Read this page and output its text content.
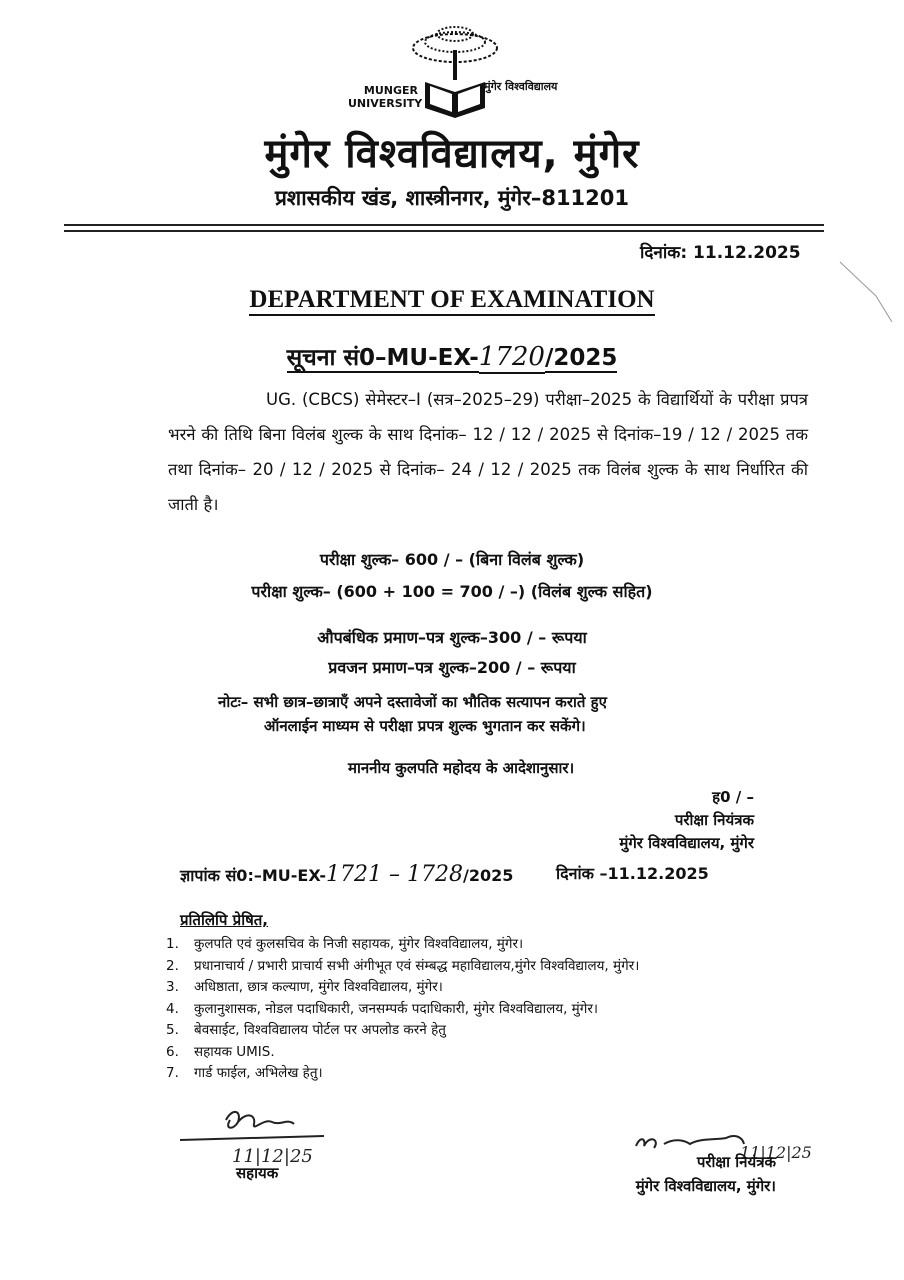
MUNGER UNIVERSITY
मुंगेर विश्वविद्यालय
मुंगेर विश्वविद्यालय, मुंगेर
प्रशासकीय खंड, शास्त्रीनगर, मुंगेर–811201
दिनांक: 11.12.2025
DEPARTMENT OF EXAMINATION
सूचना सं0–MU-EX-1720/2025
UG. (CBCS) सेमेस्टर–I (सत्र–2025–29) परीक्षा–2025 के विद्यार्थियों के परीक्षा प्रपत्र भरने की तिथि बिना विलंब शुल्क के साथ दिनांक– 12 / 12 / 2025 से दिनांक–19 / 12 / 2025 तक तथा दिनांक– 20 / 12 / 2025 से दिनांक– 24 / 12 / 2025 तक विलंब शुल्क के साथ निर्धारित की जाती है।
परीक्षा शुल्क– 600 / – (बिना विलंब शुल्क)
परीक्षा शुल्क– (600 + 100 = 700 / –) (विलंब शुल्क सहित)
औपबंधिक प्रमाण–पत्र शुल्क–300 / – रूपया
प्रवजन प्रमाण–पत्र शुल्क–200 / – रूपया
नोटः– सभी छात्र–छात्राएँ अपने दस्तावेजों का भौतिक सत्यापन कराते हुए
ऑनलाईन माध्यम से परीक्षा प्रपत्र शुल्क भुगतान कर सकेंगे।
माननीय कुलपति महोदय के आदेशानुसार।
ह0 / –
परीक्षा नियंत्रक
मुंगेर विश्वविद्यालय, मुंगेर
ज्ञापांक सं0:–MU-EX-1721 – 1728/2025	दिनांक –11.12.2025
प्रतिलिपि प्रेषित,
1. कुलपति एवं कुलसचिव के निजी सहायक, मुंगेर विश्वविद्यालय, मुंगेर।
2. प्रधानाचार्य / प्रभारी प्राचार्य सभी अंगीभूत एवं संम्बद्ध महाविद्यालय,मुंगेर विश्वविद्यालय, मुंगेर।
3. अधिष्ठाता, छात्र कल्याण, मुंगेर विश्वविद्यालय, मुंगेर।
4. कुलानुशासक, नोडल पदाधिकारी, जनसम्पर्क पदाधिकारी, मुंगेर विश्वविद्यालय, मुंगेर।
5. बेवसाईट, विश्वविद्यालय पोर्टल पर अपलोड करने हेतु
6. सहायक UMIS.
7. गार्ड फाईल, अभिलेख हेतु।
11|12|25
सहायक
11|12|25
परीक्षा नियंत्रक
मुंगेर विश्वविद्यालय, मुंगेर।
